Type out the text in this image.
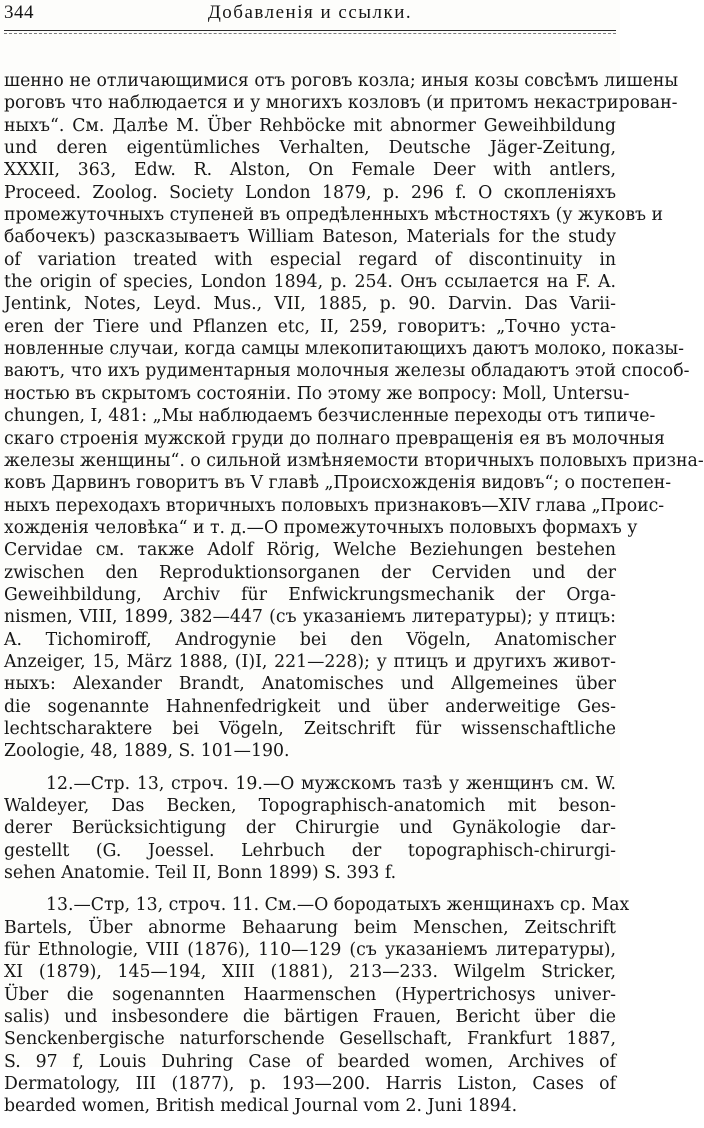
344	Добавленія и ссылки.
шенно не отличающимися отъ роговъ козла; иныя козы совсѣмъ лишены
роговъ что наблюдается и у многихъ козловъ (и притомъ некастрирован-
ныхъ“. См. Далѣе M. Über Rehböcke mit abnormer Geweihbildung
und deren eigentümliches Verhalten, Deutsche Jäger-Zeitung,
XXXII, 363, Edw. R. Alston, On Female Deer with antlers,
Proceed. Zoolog. Society London 1879, p. 296 f. О скопленіяхъ
промежуточныхъ ступеней въ опредѣленныхъ мѣстностяхъ (у жуковъ и
бабочекъ) разсказываетъ William Bateson, Materials for the study
of variation treated with especial regard of discontinuity in
the origin of species, London 1894, p. 254. Онъ ссылается на F. A.
Jentink, Notes, Leyd. Mus., VII, 1885, p. 90. Darvin. Das Varii-
eren der Tiere und Pflanzen etc, II, 259, говоритъ: „Точно уста-
новленные случаи, когда самцы млекопитающихъ даютъ молоко, показы-
ваютъ, что ихъ рудиментарныя молочныя железы обладаютъ этой способ-
ностью въ скрытомъ состояніи. По этому же вопросу: Moll, Untersu-
chungen, I, 481: „Мы наблюдаемъ безчисленные переходы отъ типиче-
скаго строенія мужской груди до полнаго превращенія ея въ молочныя
железы женщины“. о сильной измѣняемости вторичныхъ половыхъ призна-
ковъ Дарвинъ говоритъ въ V главѣ „Происхожденія видовъ“; о постепен-
ныхъ переходахъ вторичныхъ половыхъ признаковъ—XIV глава „Проис-
хожденія человѣка“ и т. д.—О промежуточныхъ половыхъ формахъ у
Cervidae см. также Adolf Rörig, Welche Beziehungen bestehen
zwischen den Reproduktionsorganen der Cerviden und der
Geweihbildung, Archiv für Enfwickrungsmechanik der Orga-
nismen, VIII, 1899, 382—447 (съ указаніемъ литературы); у птицъ:
A. Tichomiroff, Androgynie bei den Vögeln, Anatomischer
Anzeiger, 15, März 1888, (I)I, 221—228); у птицъ и другихъ живот-
ныхъ: Alexander Brandt, Anatomisches und Allgemeines über
die sogenannte Hahnenfedrigkeit und über anderweitige Ges-
lechtscharaktere bei Vögeln, Zeitschrift für wissenschaftliche
Zoologie, 48, 1889, S. 101—190.
12.—Стр. 13, строч. 19.—О мужскомъ тазѣ у женщинъ см. W.
Waldeyer, Das Becken, Topographisch-anatomich mit beson-
derer Berücksichtigung der Chirurgie und Gynäkologie dar-
gestellt (G. Joessel. Lehrbuch der topographisch-chirurgi-
sehen Anatomie. Teil II, Bonn 1899) S. 393 f.
13.—Стр, 13, строч. 11. См.—О бородатыхъ женщинахъ ср. Max
Bartels, Über abnorme Behaarung beim Menschen, Zeitschrift
für Ethnologie, VIII (1876), 110—129 (съ указаніемъ литературы),
XI (1879), 145—194, XIII (1881), 213—233. Wilgelm Stricker,
Über die sogenannten Haarmenschen (Hypertrichosys univer-
salis) und insbesondere die bärtigen Frauen, Bericht über die
Senckenbergische naturforschende Gesellschaft, Frankfurt 1887,
S. 97 f, Louis Duhring Case of bearded women, Archives of
Dermatology, III (1877), p. 193—200. Harris Liston, Cases of
bearded women, British medical Journal vom 2. Juni 1894.
